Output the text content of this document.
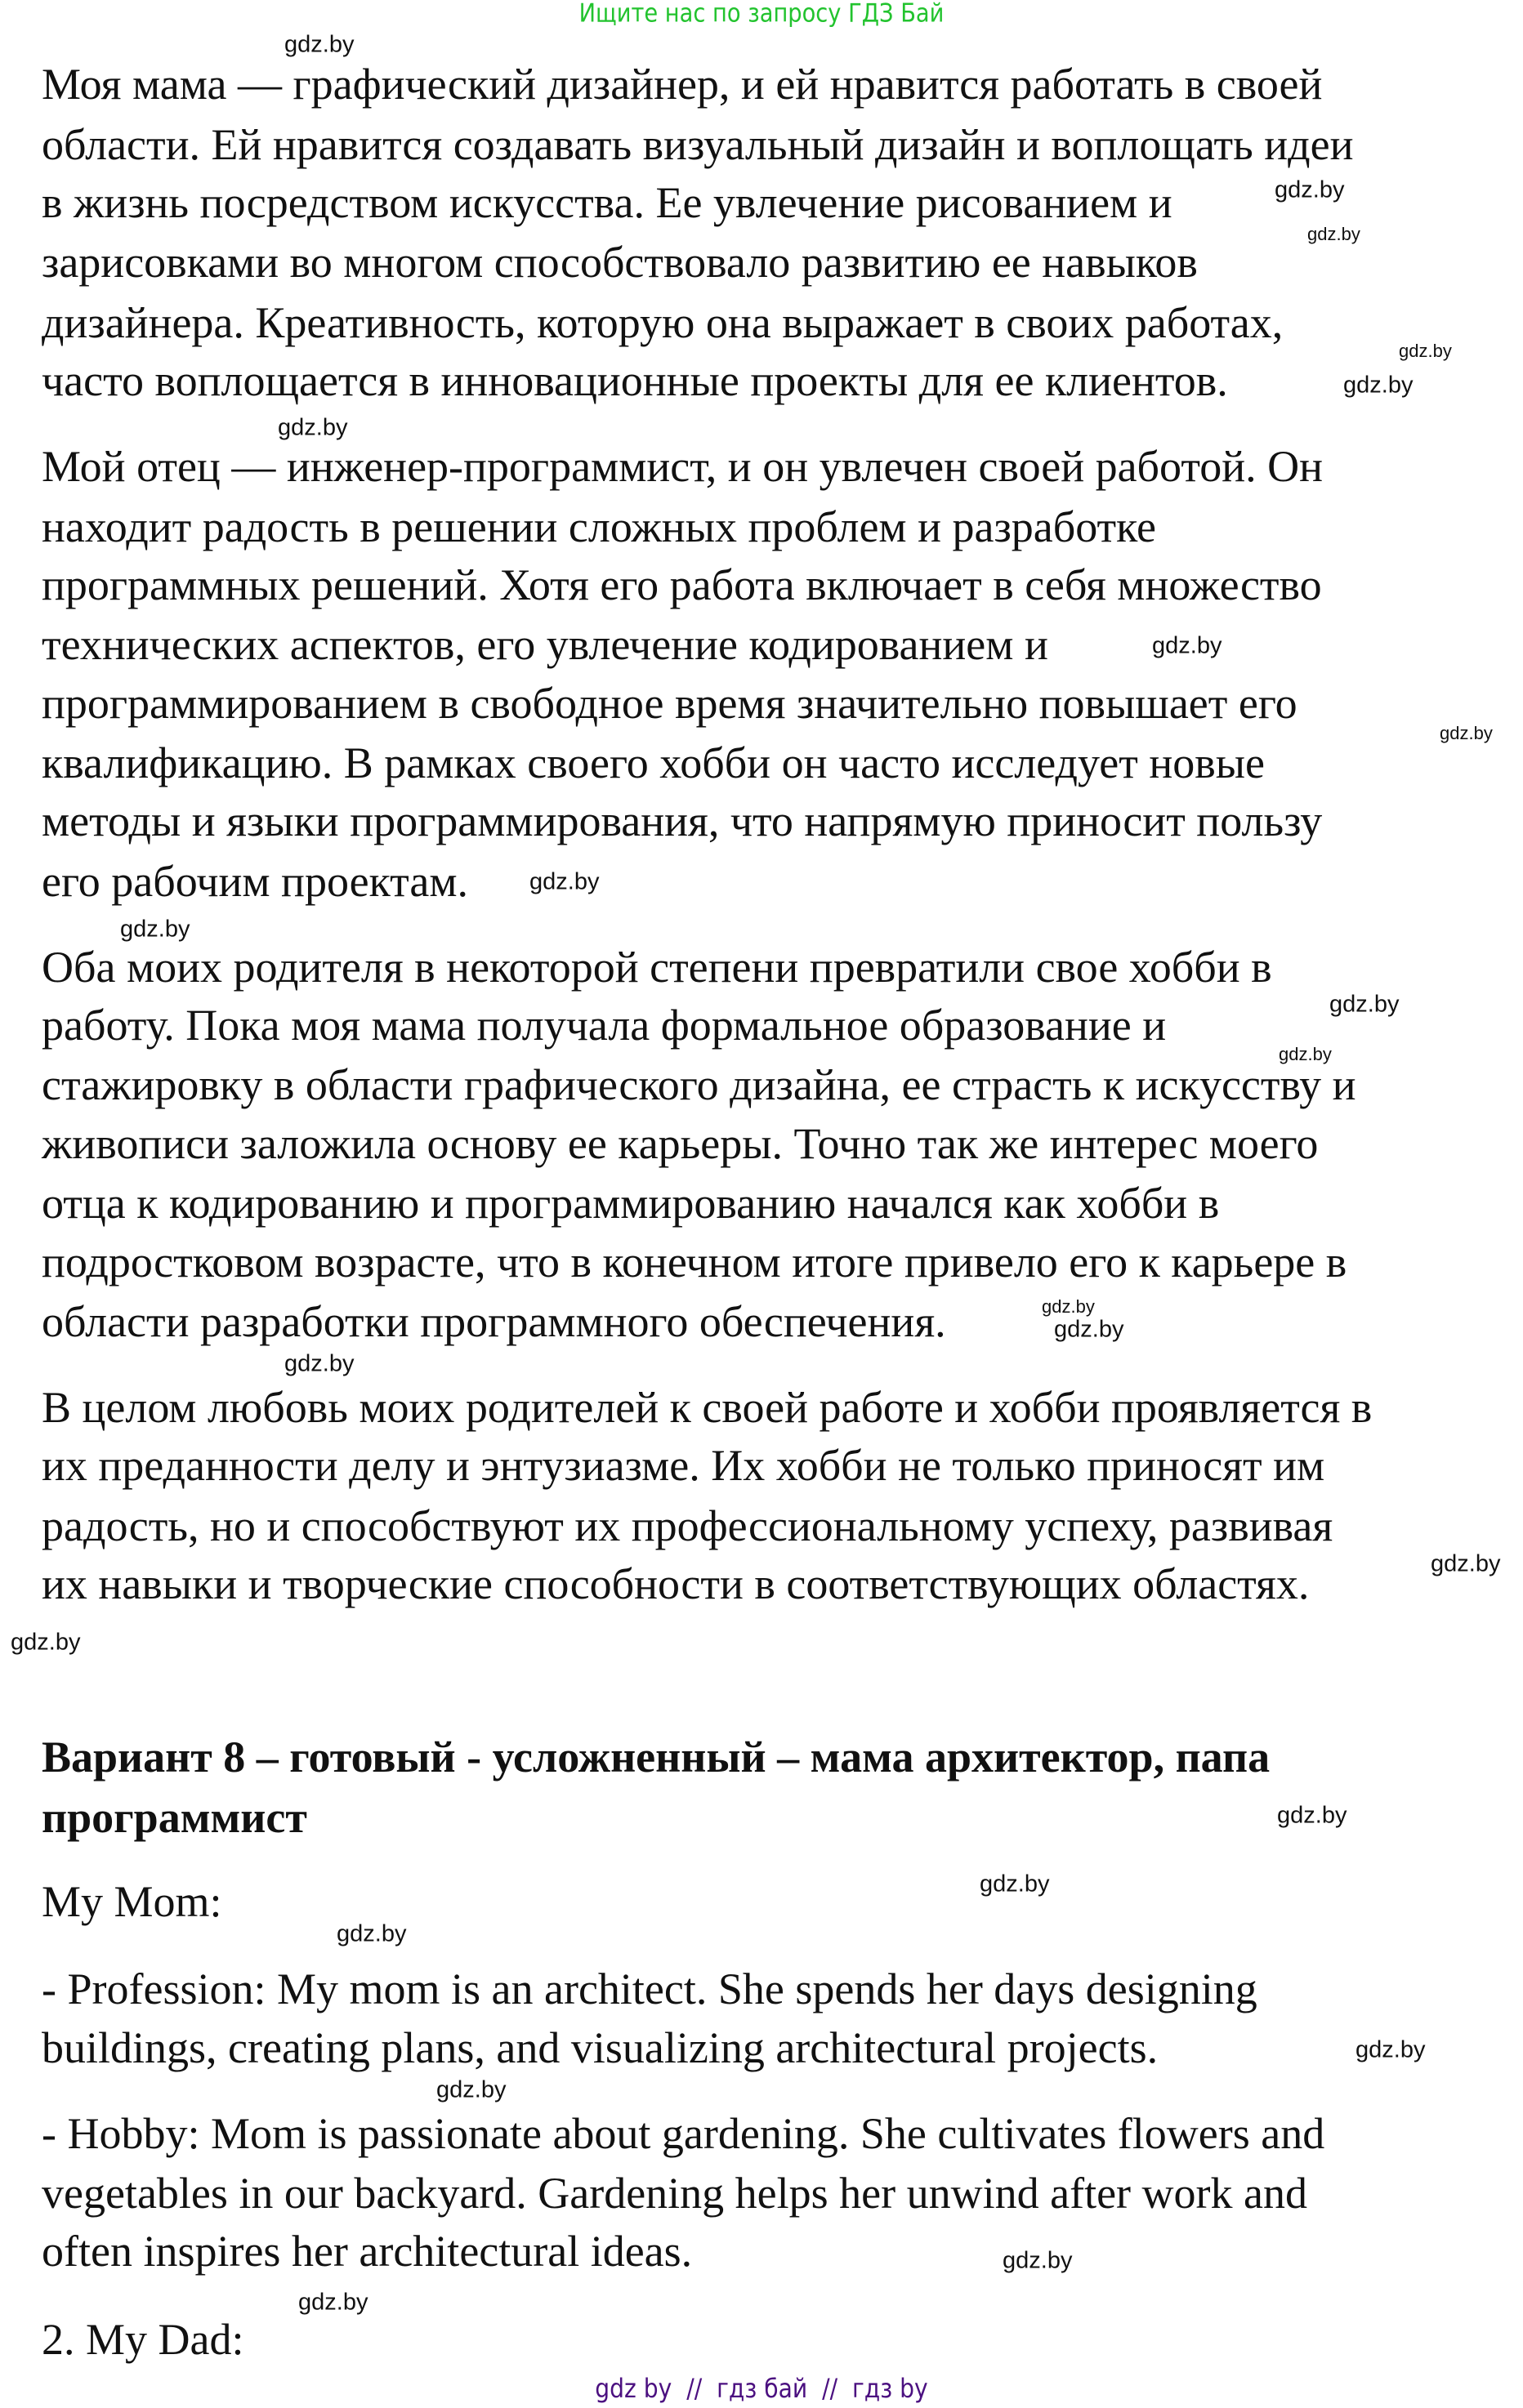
Ищите нас по запросу ГДЗ Бай
Моя мама — графический дизайнер, и ей нравится работать в своей
области. Ей нравится создавать визуальный дизайн и воплощать идеи
в жизнь посредством искусства. Ее увлечение рисованием и
зарисовками во многом способствовало развитию ее навыков
дизайнера. Креативность, которую она выражает в своих работах,
часто воплощается в инновационные проекты для ее клиентов.
Мой отец — инженер-программист, и он увлечен своей работой. Он
находит радость в решении сложных проблем и разработке
программных решений. Хотя его работа включает в себя множество
технических аспектов, его увлечение кодированием и
программированием в свободное время значительно повышает его
квалификацию. В рамках своего хобби он часто исследует новые
методы и языки программирования, что напрямую приносит пользу
его рабочим проектам.
Оба моих родителя в некоторой степени превратили свое хобби в
работу. Пока моя мама получала формальное образование и
стажировку в области графического дизайна, ее страсть к искусству и
живописи заложила основу ее карьеры. Точно так же интерес моего
отца к кодированию и программированию начался как хобби в
подростковом возрасте, что в конечном итоге привело его к карьере в
области разработки программного обеспечения.
В целом любовь моих родителей к своей работе и хобби проявляется в
их преданности делу и энтузиазме. Их хобби не только приносят им
радость, но и способствуют их профессиональному успеху, развивая
их навыки и творческие способности в соответствующих областях.
Вариант 8 – готовый - усложненный – мама архитектор, папа
программист
My Mom:
- Profession: My mom is an architect. She spends her days designing
buildings, creating plans, and visualizing architectural projects.
- Hobby: Mom is passionate about gardening. She cultivates flowers and
vegetables in our backyard. Gardening helps her unwind after work and
often inspires her architectural ideas.
2. My Dad:
gdz.by
gdz.by
gdz.by
gdz.by
gdz.by
gdz.by
gdz.by
gdz.by
gdz.by
gdz.by
gdz.by
gdz.by
gdz.by
gdz.by
gdz.by
gdz.by
gdz.by
gdz.by
gdz.by
gdz.by
gdz.by
gdz.by
gdz.by
gdz.by
gdz by  //  гдз бай  //  гдз by
